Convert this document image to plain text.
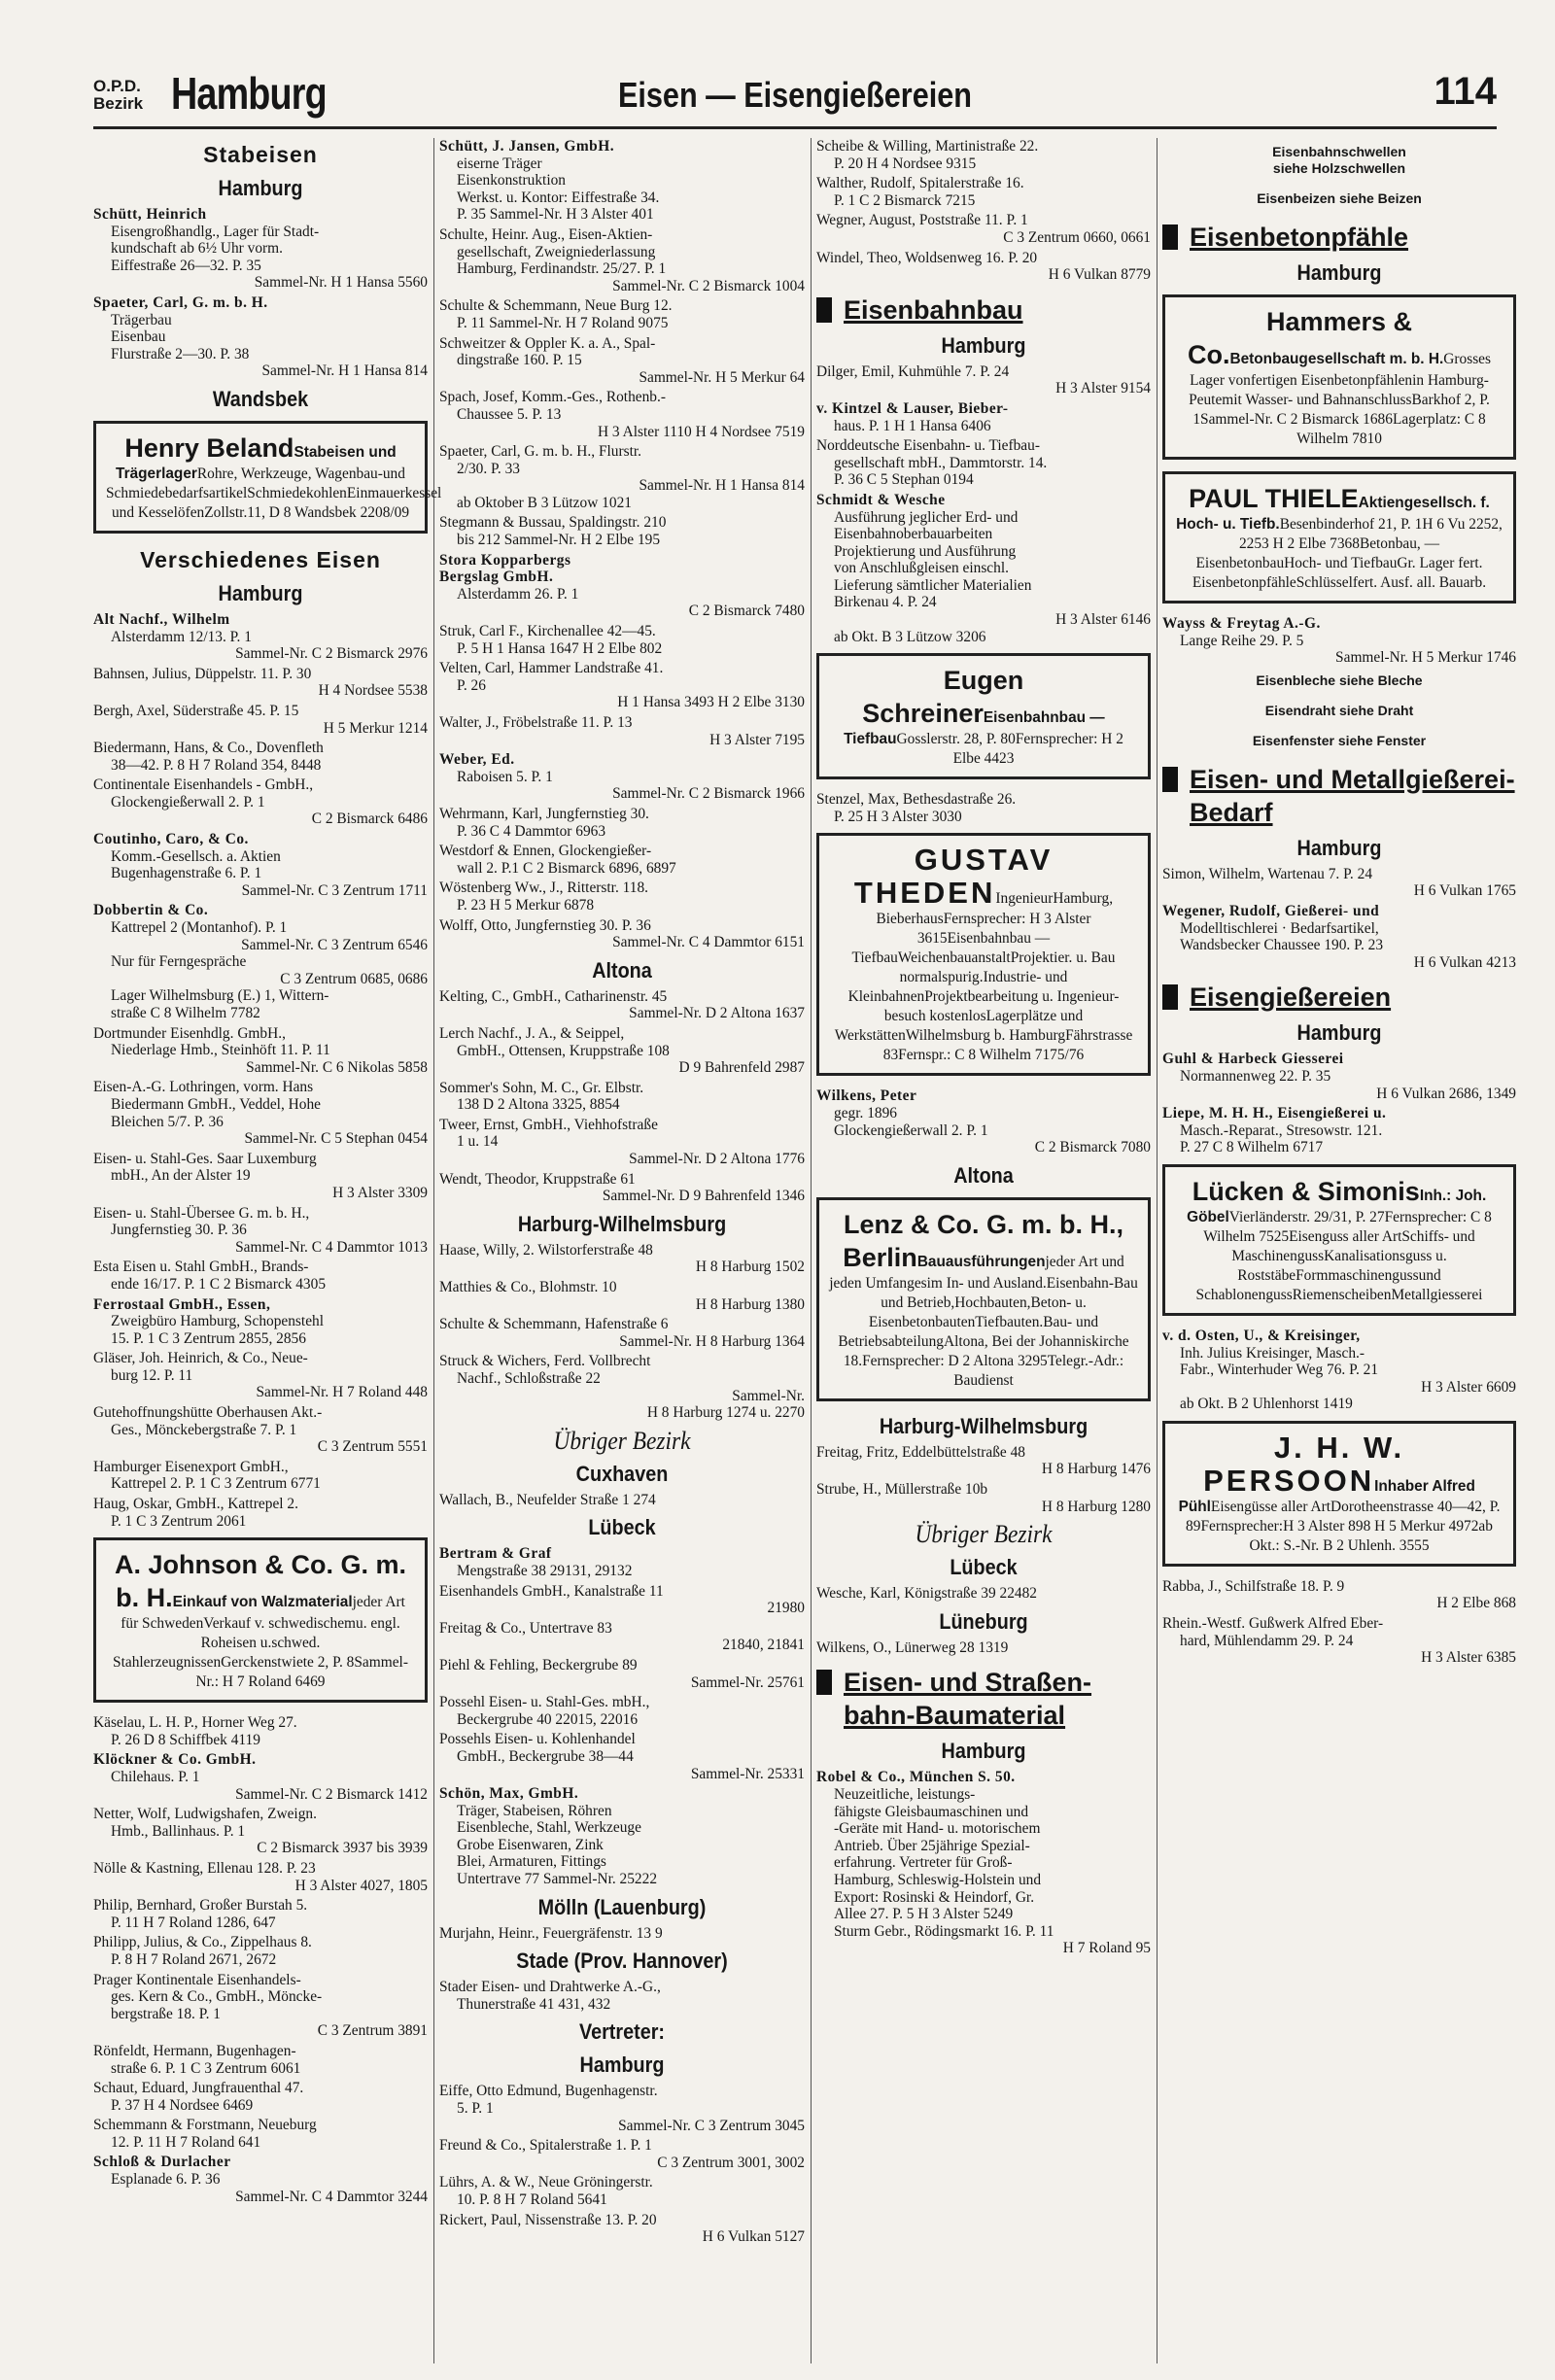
O.P.D.
Bezirk Hamburg	Eisen — Eisengießereien	114
Stabeisen
Hamburg
Schütt, Heinrich
Eisengroßhandlg., Lager für Stadt-
kundschaft ab 6½ Uhr vorm.
Eiffestraße 26—32. P. 35
Sammel-Nr. H 1 Hansa 5560
Spaeter, Carl, G. m. b. H.
Trägerbau
Eisenbau
Flurstraße 2—30. P. 38
Sammel-Nr. H 1 Hansa 814
Wandsbek
Henry BelandStabeisen und TrägerlagerRohre, Werkzeuge, Wagenbau-und SchmiedebedarfsartikelSchmiedekohlenEinmauerkessel und KesselöfenZollstr.11, D 8 Wandsbek 2208/09
Verschiedenes Eisen
Hamburg
Alt Nachf., Wilhelm
Alsterdamm 12/13. P. 1
Sammel-Nr. C 2 Bismarck 2976
Bahnsen, Julius, Düppelstr. 11. P. 30
H 4 Nordsee 5538
Bergh, Axel, Süderstraße 45. P. 15
H 5 Merkur 1214
Biedermann, Hans, & Co., Dovenfleth
38—42. P. 8 H 7 Roland 354, 8448
Continentale Eisenhandels - GmbH.,
Glockengießerwall 2. P. 1
C 2 Bismarck 6486
Coutinho, Caro, & Co.
Komm.-Gesellsch. a. Aktien
Bugenhagenstraße 6. P. 1
Sammel-Nr. C 3 Zentrum 1711
Dobbertin & Co.
Kattrepel 2 (Montanhof). P. 1
Sammel-Nr. C 3 Zentrum 6546
Nur für Ferngespräche
C 3 Zentrum 0685, 0686
Lager Wilhelmsburg (E.) 1, Wittern-
straße C 8 Wilhelm 7782
Dortmunder Eisenhdlg. GmbH.,
Niederlage Hmb., Steinhöft 11. P. 11
Sammel-Nr. C 6 Nikolas 5858
Eisen-A.-G. Lothringen, vorm. Hans
Biedermann GmbH., Veddel, Hohe
Bleichen 5/7. P. 36
Sammel-Nr. C 5 Stephan 0454
Eisen- u. Stahl-Ges. Saar Luxemburg
mbH., An der Alster 19
H 3 Alster 3309
Eisen- u. Stahl-Übersee G. m. b. H.,
Jungfernstieg 30. P. 36
Sammel-Nr. C 4 Dammtor 1013
Esta Eisen u. Stahl GmbH., Brands-
ende 16/17. P. 1 C 2 Bismarck 4305
Ferrostaal GmbH., Essen,
Zweigbüro Hamburg, Schopenstehl
15. P. 1 C 3 Zentrum 2855, 2856
Gläser, Joh. Heinrich, & Co., Neue-
burg 12. P. 11
Sammel-Nr. H 7 Roland 448
Gutehoffnungshütte Oberhausen Akt.-
Ges., Mönckebergstraße 7. P. 1
C 3 Zentrum 5551
Hamburger Eisenexport GmbH.,
Kattrepel 2. P. 1 C 3 Zentrum 6771
Haug, Oskar, GmbH., Kattrepel 2.
P. 1 C 3 Zentrum 2061
A. Johnson & Co. G. m. b. H.Einkauf von Walzmaterialjeder Art für SchwedenVerkauf v. schwedischemu. engl. Roheisen u.schwed. StahlerzeugnissenGerckenstwiete 2, P. 8Sammel-Nr.: H 7 Roland 6469
Käselau, L. H. P., Horner Weg 27.
P. 26 D 8 Schiffbek 4119
Klöckner & Co. GmbH.
Chilehaus. P. 1
Sammel-Nr. C 2 Bismarck 1412
Netter, Wolf, Ludwigshafen, Zweign.
Hmb., Ballinhaus. P. 1
C 2 Bismarck 3937 bis 3939
Nölle & Kastning, Ellenau 128. P. 23
H 3 Alster 4027, 1805
Philip, Bernhard, Großer Burstah 5.
P. 11 H 7 Roland 1286, 647
Philipp, Julius, & Co., Zippelhaus 8.
P. 8 H 7 Roland 2671, 2672
Prager Kontinentale Eisenhandels-
ges. Kern & Co., GmbH., Mönckе-
bergstraße 18. P. 1
C 3 Zentrum 3891
Rönfeldt, Hermann, Bugenhagen-
straße 6. P. 1 C 3 Zentrum 6061
Schaut, Eduard, Jungfrauenthal 47.
P. 37 H 4 Nordsee 6469
Schemmann & Forstmann, Neueburg
12. P. 11 H 7 Roland 641
Schloß & Durlacher
Esplanade 6. P. 36
Sammel-Nr. C 4 Dammtor 3244
Schütt, J. Jansen, GmbH.
eiserne Träger
Eisenkonstruktion
Werkst. u. Kontor: Eiffestraße 34.
P. 35 Sammel-Nr. H 3 Alster 401
Schulte, Heinr. Aug., Eisen-Aktien-
gesellschaft, Zweigniederlassung
Hamburg, Ferdinandstr. 25/27. P. 1
Sammel-Nr. C 2 Bismarck 1004
Schulte & Schemmann, Neue Burg 12.
P. 11 Sammel-Nr. H 7 Roland 9075
Schweitzer & Oppler K. a. A., Spal-
dingstraße 160. P. 15
Sammel-Nr. H 5 Merkur 64
Spach, Josef, Komm.-Ges., Rothenb.-
Chaussee 5. P. 13
H 3 Alster 1110 H 4 Nordsee 7519
Spaeter, Carl, G. m. b. H., Flurstr.
2/30. P. 33
Sammel-Nr. H 1 Hansa 814
ab Oktober B 3 Lützow 1021
Stegmann & Bussau, Spaldingstr. 210
bis 212 Sammel-Nr. H 2 Elbe 195
Stora Kopparbergs
Bergslag GmbH.
Alsterdamm 26. P. 1
C 2 Bismarck 7480
Struk, Carl F., Kirchenallee 42—45.
P. 5 H 1 Hansa 1647 H 2 Elbe 802
Velten, Carl, Hammer Landstraße 41.
P. 26
H 1 Hansa 3493 H 2 Elbe 3130
Walter, J., Fröbelstraße 11. P. 13
H 3 Alster 7195
Weber, Ed.
Raboisen 5. P. 1
Sammel-Nr. C 2 Bismarck 1966
Wehrmann, Karl, Jungfernstieg 30.
P. 36 C 4 Dammtor 6963
Westdorf & Ennen, Glockengießer-
wall 2. P.1 C 2 Bismarck 6896, 6897
Wöstenberg Ww., J., Ritterstr. 118.
P. 23 H 5 Merkur 6878
Wolff, Otto, Jungfernstieg 30. P. 36
Sammel-Nr. C 4 Dammtor 6151
Altona
Kelting, C., GmbH., Catharinenstr. 45
Sammel-Nr. D 2 Altona 1637
Lerch Nachf., J. A., & Seippel,
GmbH., Ottensen, Kruppstraße 108
D 9 Bahrenfeld 2987
Sommer's Sohn, M. C., Gr. Elbstr.
138 D 2 Altona 3325, 8854
Tweer, Ernst, GmbH., Viehhofstraße
1 u. 14
Sammel-Nr. D 2 Altona 1776
Wendt, Theodor, Kruppstraße 61
Sammel-Nr. D 9 Bahrenfeld 1346
Harburg-Wilhelmsburg
Haase, Willy, 2. Wilstorferstraße 48
H 8 Harburg 1502
Matthies & Co., Blohmstr. 10
H 8 Harburg 1380
Schulte & Schemmann, Hafenstraße 6
Sammel-Nr. H 8 Harburg 1364
Struck & Wichers, Ferd. Vollbrecht
Nachf., Schloßstraße 22
Sammel-Nr.
H 8 Harburg 1274 u. 2270
Übriger Bezirk
Cuxhaven
Wallach, B., Neufelder Straße 1 274
Lübeck
Bertram & Graf
Mengstraße 38 29131, 29132
Eisenhandels GmbH., Kanalstraße 11
21980
Freitag & Co., Untertrave 83
21840, 21841
Piehl & Fehling, Beckergrube 89
Sammel-Nr. 25761
Possehl Eisen- u. Stahl-Ges. mbH.,
Beckergrube 40 22015, 22016
Possehls Eisen- u. Kohlenhandel
GmbH., Beckergrube 38—44
Sammel-Nr. 25331
Schön, Max, GmbH.
Träger, Stabeisen, Röhren
Eisenbleche, Stahl, Werkzeuge
Grobe Eisenwaren, Zink
Blei, Armaturen, Fittings
Untertrave 77 Sammel-Nr. 25222
Mölln (Lauenburg)
Murjahn, Heinr., Feuergräfenstr. 13 9
Stade (Prov. Hannover)
Stader Eisen- und Drahtwerke A.-G.,
Thunerstraße 41 431, 432
Vertreter:
Hamburg
Eiffe, Otto Edmund, Bugenhagenstr.
5. P. 1
Sammel-Nr. C 3 Zentrum 3045
Freund & Co., Spitalerstraße 1. P. 1
C 3 Zentrum 3001, 3002
Lührs, A. & W., Neue Gröningerstr.
10. P. 8 H 7 Roland 5641
Rickert, Paul, Nissenstraße 13. P. 20
H 6 Vulkan 5127
Scheibe & Willing, Martinistraße 22.
P. 20 H 4 Nordsee 9315
Walther, Rudolf, Spitalerstraße 16.
P. 1 C 2 Bismarck 7215
Wegner, August, Poststraße 11. P. 1
C 3 Zentrum 0660, 0661
Windel, Theo, Woldsenweg 16. P. 20
H 6 Vulkan 8779
Eisenbahnbau
Hamburg
Dilger, Emil, Kuhmühle 7. P. 24
H 3 Alster 9154
v. Kintzel & Lauser, Bieber-
haus. P. 1 H 1 Hansa 6406
Norddeutsche Eisenbahn- u. Tiefbau-
gesellschaft mbH., Dammtorstr. 14.
P. 36 C 5 Stephan 0194
Schmidt & Wesche
Ausführung jeglicher Erd- und
Eisenbahnoberbauarbeiten
Projektierung und Ausführung
von Anschlußgleisen einschl.
Lieferung sämtlicher Materialien
Birkenau 4. P. 24
H 3 Alster 6146
ab Okt. B 3 Lützow 3206
Eugen SchreinerEisenbahnbau — TiefbauGosslerstr. 28, P. 80Fernsprecher: H 2 Elbe 4423
Stenzel, Max, Bethesdastraße 26.
P. 25 H 3 Alster 3030
GUSTAV THEDENIngenieurHamburg, BieberhausFernsprecher: H 3 Alster 3615Eisenbahnbau — TiefbauWeichenbauanstaltProjektier. u. Bau normalspurig.Industrie- und KleinbahnenProjektbearbeitung u. Ingenieur-besuch kostenlosLagerplätze und WerkstättenWilhelmsburg b. HamburgFährstrasse 83Fernspr.: C 8 Wilhelm 7175/76
Wilkens, Peter
gegr. 1896
Glockengießerwall 2. P. 1
C 2 Bismarck 7080
Altona
Lenz & Co. G. m. b. H., BerlinBauausführungenjeder Art und jeden Umfangesim In- und Ausland.Eisenbahn-Bau und Betrieb,Hochbauten,Beton- u. EisenbetonbautenTiefbauten.Bau- und BetriebsabteilungAltona, Bei der Johanniskirche 18.Fernsprecher: D 2 Altona 3295Telegr.-Adr.: Baudienst
Harburg-Wilhelmsburg
Freitag, Fritz, Eddelbüttelstraße 48
H 8 Harburg 1476
Strube, H., Müllerstraße 10b
H 8 Harburg 1280
Übriger Bezirk
Lübeck
Wesche, Karl, Königstraße 39 22482
Lüneburg
Wilkens, O., Lünerweg 28 1319
Eisen- und Straßen-bahn-Baumaterial
Hamburg
Robel & Co., München S. 50.
Neuzeitliche, leistungs-
fähigste Gleisbaumaschinen und
-Geräte mit Hand- u. motorischem
Antrieb. Über 25jährige Spezial-
erfahrung. Vertreter für Groß-
Hamburg, Schleswig-Holstein und
Export: Rosinski & Heindorf, Gr.
Allee 27. P. 5 H 3 Alster 5249
Sturm Gebr., Rödingsmarkt 16. P. 11
H 7 Roland 95
Eisenbahnschwellen
siehe Holzschwellen
Eisenbeizen siehe Beizen
Eisenbetonpfähle
Hamburg
Hammers & Co.Betonbaugesellschaft m. b. H.Grosses Lager vonfertigen Eisenbetonpfählenin Hamburg-Peutemit Wasser- und BahnanschlussBarkhof 2, P. 1Sammel-Nr. C 2 Bismarck 1686Lagerplatz: C 8 Wilhelm 7810
PAUL THIELEAktiengesellsch. f. Hoch- u. Tiefb.Besenbinderhof 21, P. 1H 6 Vu 2252, 2253 H 2 Elbe 7368Betonbau, — EisenbetonbauHoch- und TiefbauGr. Lager fert. EisenbetonpfähleSchlüsselfert. Ausf. all. Bauarb.
Wayss & Freytag A.-G.
Lange Reihe 29. P. 5
Sammel-Nr. H 5 Merkur 1746
Eisenbleche siehe Bleche
Eisendraht siehe Draht
Eisenfenster siehe Fenster
Eisen- und Metallgießerei-Bedarf
Hamburg
Simon, Wilhelm, Wartenau 7. P. 24
H 6 Vulkan 1765
Wegener, Rudolf, Gießerei- und
Modelltischlerei · Bedarfsartikel,
Wandsbecker Chaussee 190. P. 23
H 6 Vulkan 4213
Eisengießereien
Hamburg
Guhl & Harbeck Giesserei
Normannenweg 22. P. 35
H 6 Vulkan 2686, 1349
Liepe, M. H. H., Eisengießerei u.
Masch.-Reparat., Stresowstr. 121.
P. 27 C 8 Wilhelm 6717
Lücken & SimonisInh.: Joh. GöbelVierländerstr. 29/31, P. 27Fernsprecher: C 8 Wilhelm 7525Eisenguss aller ArtSchiffs- und MaschinengussKanalisationsguss u. RoststäbeFormmaschinengussund SchablonengussRiemenscheibenMetallgiesserei
v. d. Osten, U., & Kreisinger,
Inh. Julius Kreisinger, Masch.-
Fabr., Winterhuder Weg 76. P. 21
H 3 Alster 6609
ab Okt. B 2 Uhlenhorst 1419
J. H. W. PERSOONInhaber Alfred PühlEisengüsse aller ArtDorotheenstrasse 40—42, P. 89Fernsprecher:H 3 Alster 898 H 5 Merkur 4972ab Okt.: S.-Nr. B 2 Uhlenh. 3555
Rabba, J., Schilfstraße 18. P. 9
H 2 Elbe 868
Rhein.-Westf. Gußwerk Alfred Eber-
hard, Mühlendamm 29. P. 24
H 3 Alster 6385
